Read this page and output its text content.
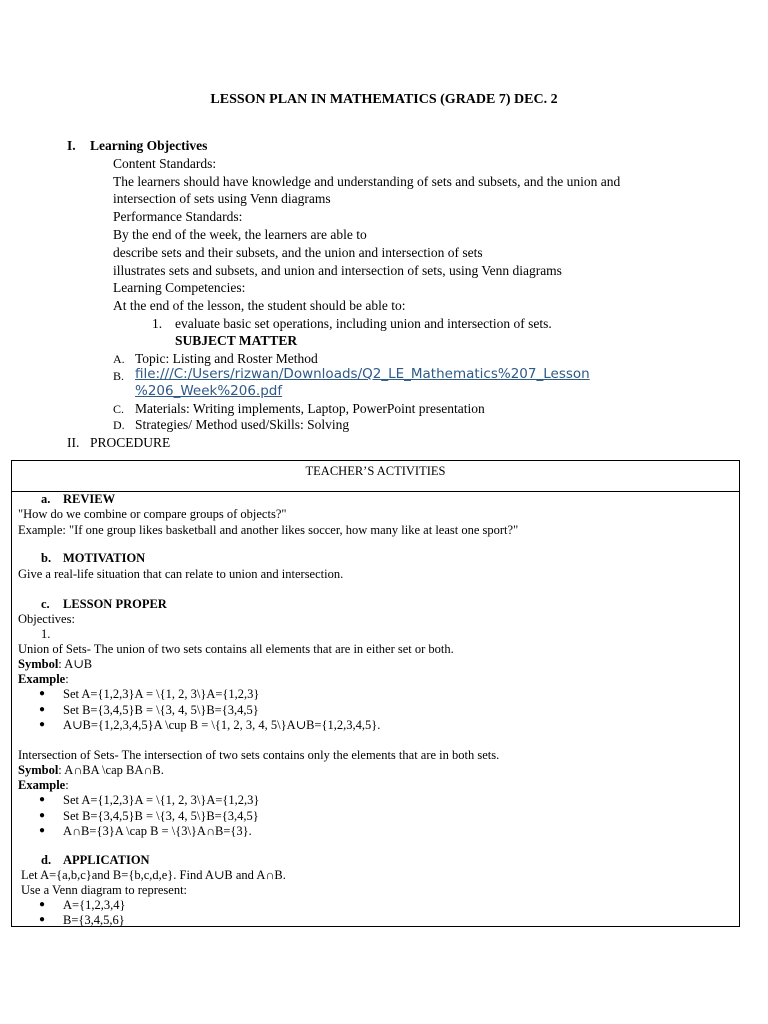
LESSON PLAN IN MATHEMATICS (GRADE 7) DEC. 2
I. Learning Objectives
Content Standards:
The learners should have knowledge and understanding of sets and subsets, and the union and
intersection of sets using Venn diagrams
Performance Standards:
By the end of the week, the learners are able to
describe sets and their subsets, and the union and intersection of sets
illustrates sets and subsets, and union and intersection of sets, using Venn diagrams
Learning Competencies:
At the end of the lesson, the student should be able to:
1. evaluate basic set operations, including union and intersection of sets.
SUBJECT MATTER
A. Topic: Listing and Roster Method
B. file:///C:/Users/rizwan/Downloads/Q2_LE_Mathematics%207_Lesson
%206_Week%206.pdf
C. Materials: Writing implements, Laptop, PowerPoint presentation
D. Strategies/ Method used/Skills: Solving
II. PROCEDURE
TEACHER’S ACTIVITIES
a. REVIEW
"How do we combine or compare groups of objects?"
Example: "If one group likes basketball and another likes soccer, how many like at least one sport?"
b. MOTIVATION
Give a real-life situation that can relate to union and intersection.
c. LESSON PROPER
Objectives:
1.
Union of Sets- The union of two sets contains all elements that are in either set or both.
Symbol: A∪B
Example:
● Set A={1,2,3}A = \{1, 2, 3\}A={1,2,3}
● Set B={3,4,5}B = \{3, 4, 5\}B={3,4,5}
● A∪B={1,2,3,4,5}A \cup B = \{1, 2, 3, 4, 5\}A∪B={1,2,3,4,5}.
Intersection of Sets- The intersection of two sets contains only the elements that are in both sets.
Symbol: A∩BA \cap BA∩B.
Example:
● Set A={1,2,3}A = \{1, 2, 3\}A={1,2,3}
● Set B={3,4,5}B = \{3, 4, 5\}B={3,4,5}
● A∩B={3}A \cap B = \{3\}A∩B={3}.
d. APPLICATION
Let A={a,b,c}and B={b,c,d,e}. Find A∪B and A∩B.
Use a Venn diagram to represent:
● A={1,2,3,4}
● B={3,4,5,6}
